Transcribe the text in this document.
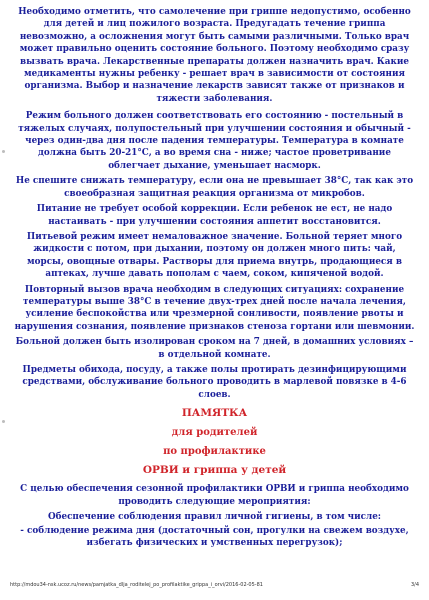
Необходимо отметить, что самолечение при гриппе недопустимо, особенно для детей и лиц пожилого возраста. Предугадать течение гриппа невозможно, а осложнения могут быть самыми различными. Только врач может правильно оценить состояние больного. Поэтому необходимо сразу вызвать врача. Лекарственные препараты должен назначить врач. Какие медикаменты нужны ребенку - решает врач в зависимости от состояния организма. Выбор и назначение лекарств зависят также от признаков и тяжести заболевания.

Режим больного должен соответствовать его состоянию - постельный в тяжелых случаях, полупостельный при улучшении состояния и обычный - через один-два дня после падения температуры. Температура в комнате должна быть 20-21°С, а во время сна - ниже; частое проветривание облегчает дыхание, уменьшает насморк.

Не спешите снижать температуру, если она не превышает 38°С, так как это своеобразная защитная реакция организма от микробов.

Питание не требует особой коррекции. Если ребенок не ест, не надо настаивать - при улучшении состояния аппетит восстановится.

Питьевой режим имеет немаловажное значение. Больной теряет много жидкости с потом, при дыхании, поэтому он должен много пить: чай, морсы, овощные отвары. Растворы для приема внутрь, продающиеся в аптеках, лучше давать пополам с чаем, соком, кипяченой водой.

Повторный вызов врача необходим в следующих ситуациях: сохранение температуры выше 38°С в течение двух-трех дней после начала лечения, усиление беспокойства или чрезмерной сонливости, появление рвоты и нарушения сознания, появление признаков стеноза гортани или шевмонии.

Больной должен быть изолирован сроком на 7 дней, в домашних условиях – в отдельной комнате.

Предметы обихода, посуду, а также полы протирать дезинфицирующими средствами, обслуживание больного проводить в марлевой повязке в 4-6 слоев.

ПАМЯТКА

для родителей

по профилактике

ОРВИ и гриппа у детей

С целью обеспечения сезонной профилактики ОРВИ и гриппа необходимо проводить следующие мероприятия:

Обеспечение соблюдения правил личной гигиены, в том числе:

- соблюдение режима дня (достаточный сон, прогулки на свежем воздухе, избегать физических и умственных перегрузок);

http://mdou34-nsk.ucoz.ru/news/pamjatka_dlja_roditelej_po_profilaktike_grippa_i_orvi/2016-02-05-81	3/4
